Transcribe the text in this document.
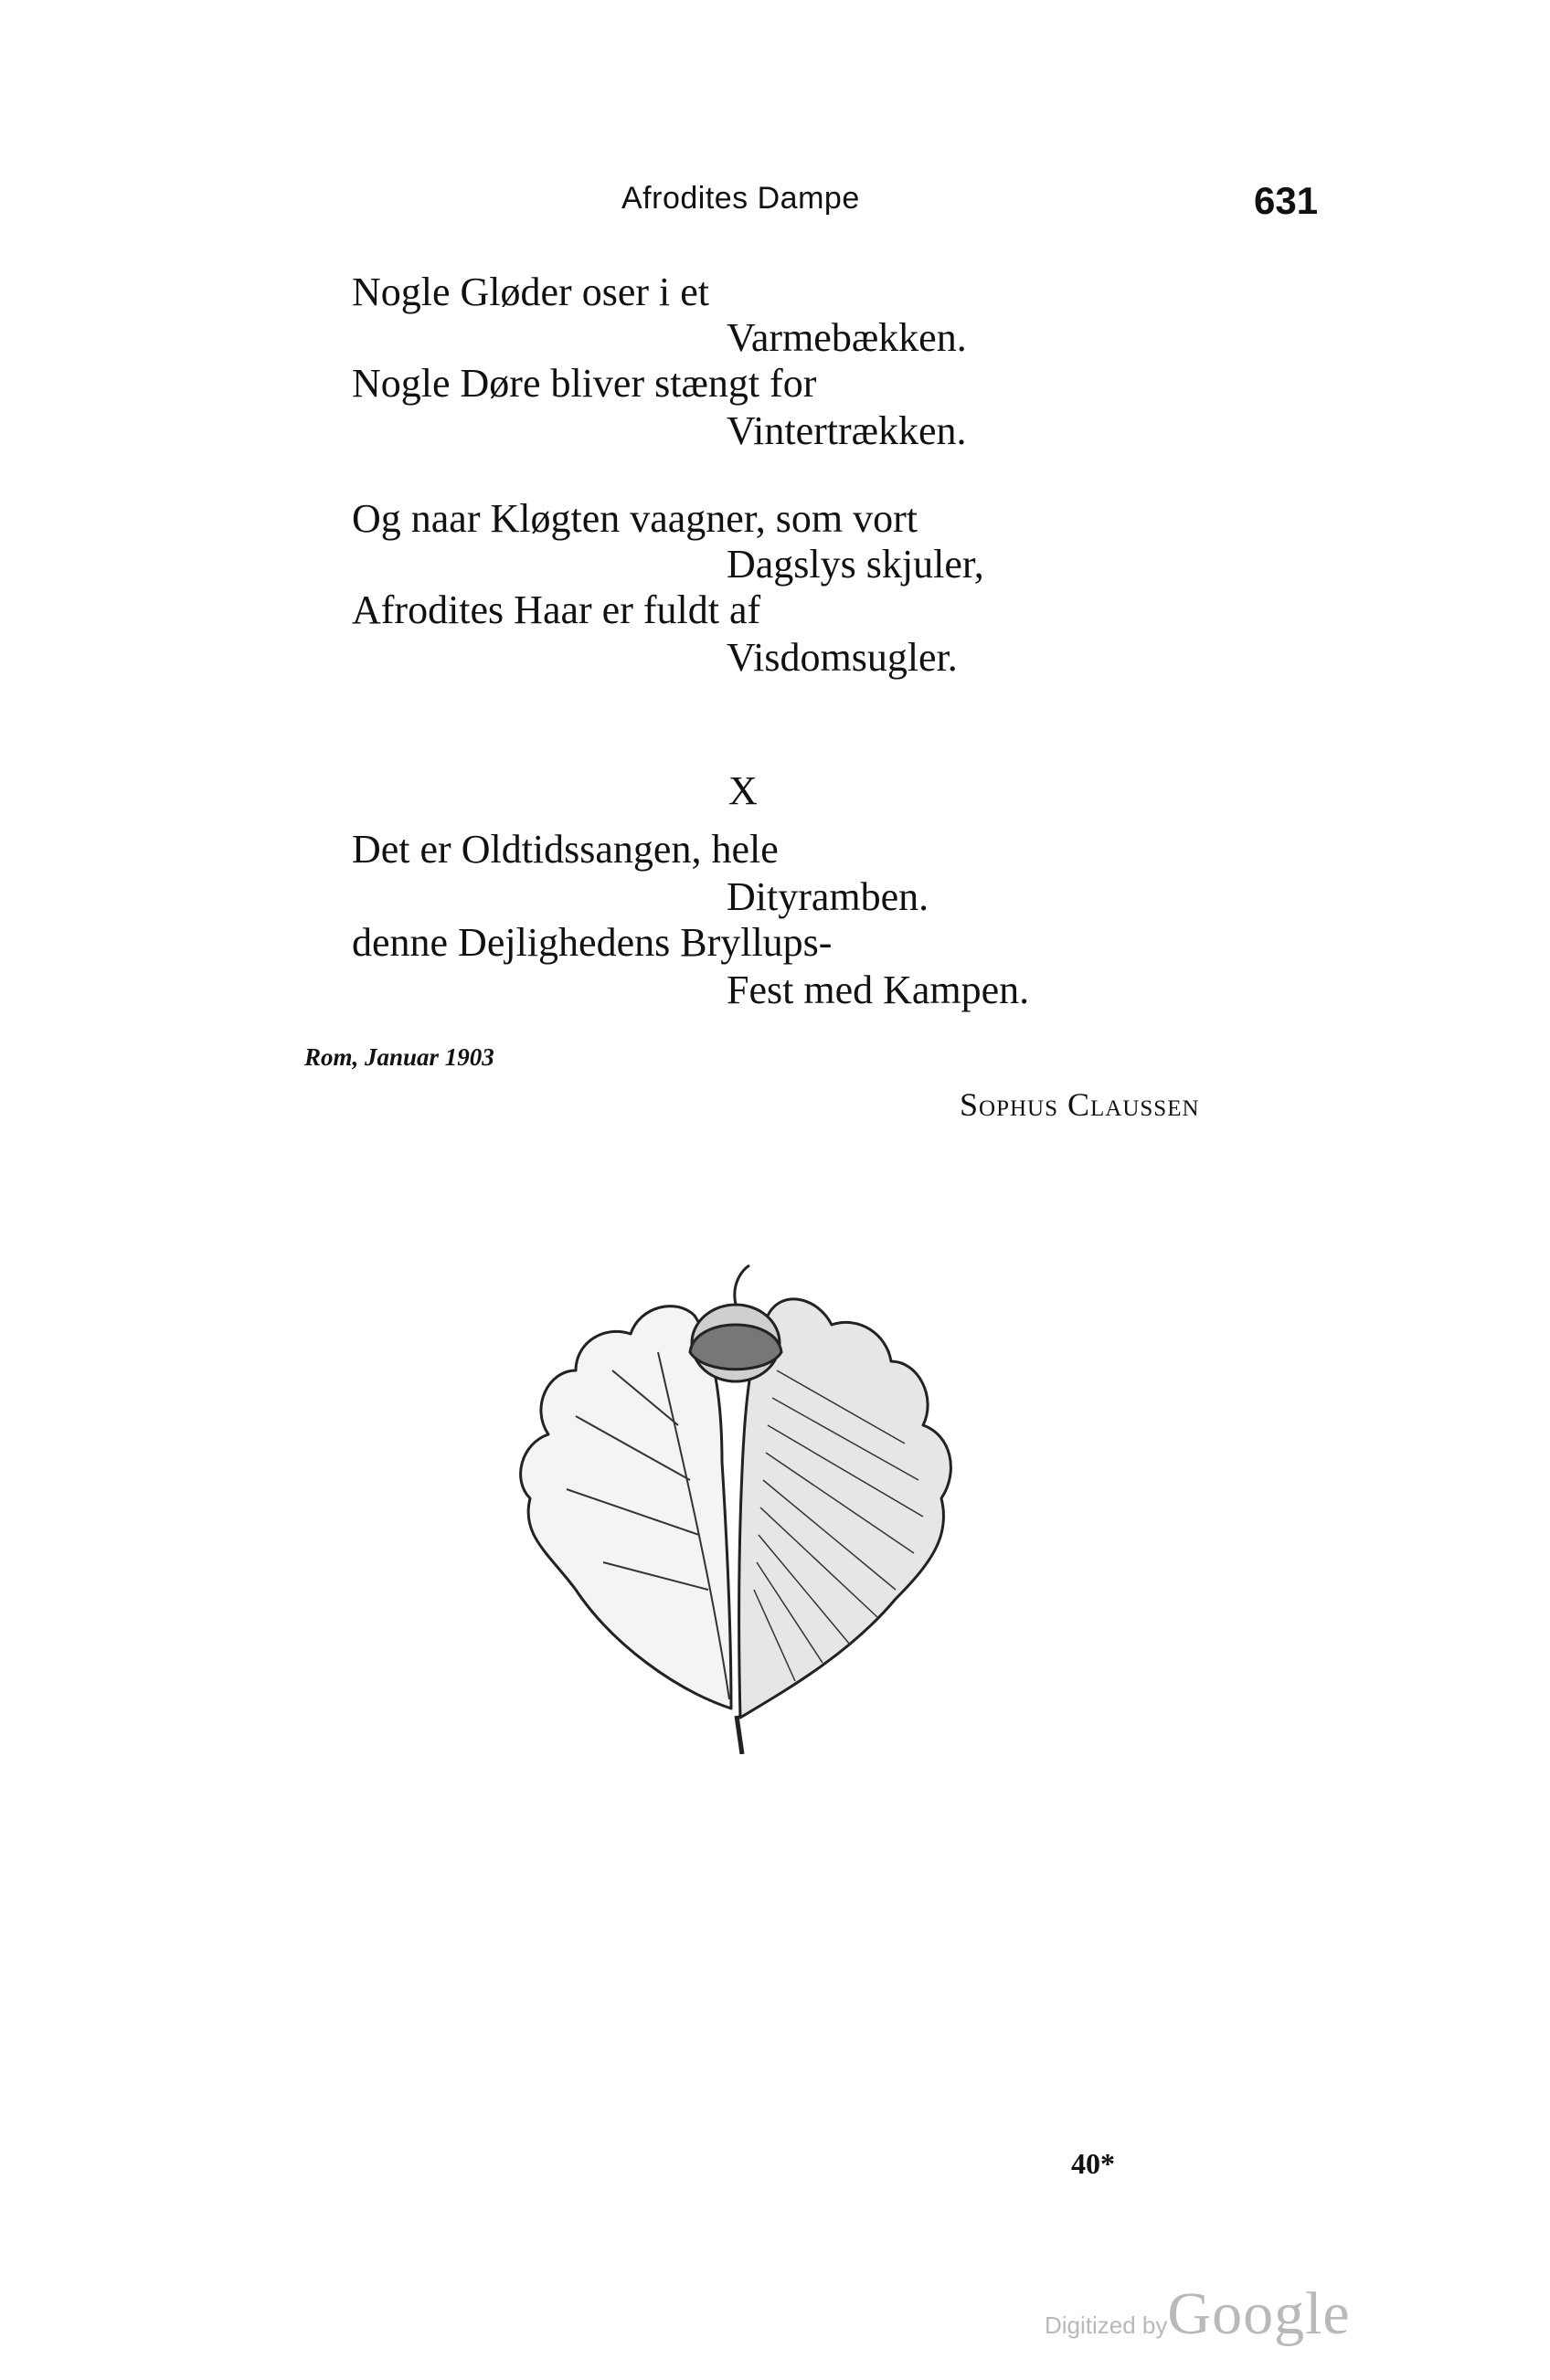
Afrodites Dampe	631
Nogle Gløder oser i et
Varmebækken.
Nogle Døre bliver stængt for
Vintertrækken.
Og naar Kløgten vaagner, som vort
Dagslys skjuler,
Afrodites Haar er fuldt af
Visdomsugler.
X
Det er Oldtidssangen, hele
Dityramben.
denne Dejlighedens Bryllups-
Fest med Kampen.
Rom, Januar 1903
Sophus Claussen
40*
Digitized byGoogle
